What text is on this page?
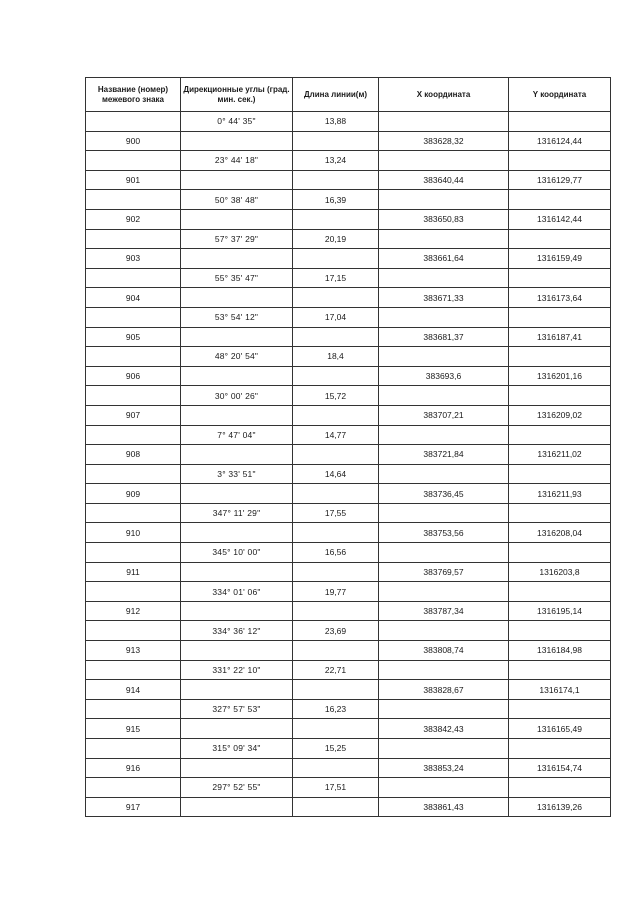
Название (номер) межевого знака	Дирекционные углы (град. мин. сек.)	Длина линии(м)	X координата	Y координата
	0° 44' 35"	13,88		
900			383628,32	1316124,44
	23° 44' 18"	13,24		
901			383640,44	1316129,77
	50° 38' 48"	16,39		
902			383650,83	1316142,44
	57° 37' 29"	20,19		
903			383661,64	1316159,49
	55° 35' 47"	17,15		
904			383671,33	1316173,64
	53° 54' 12"	17,04		
905			383681,37	1316187,41
	48° 20' 54"	18,4		
906			383693,6	1316201,16
	30° 00' 26"	15,72		
907			383707,21	1316209,02
	7° 47' 04"	14,77		
908			383721,84	1316211,02
	3° 33' 51"	14,64		
909			383736,45	1316211,93
	347° 11' 29"	17,55		
910			383753,56	1316208,04
	345° 10' 00"	16,56		
911			383769,57	1316203,8
	334° 01' 06"	19,77		
912			383787,34	1316195,14
	334° 36' 12"	23,69		
913			383808,74	1316184,98
	331° 22' 10"	22,71		
914			383828,67	1316174,1
	327° 57' 53"	16,23		
915			383842,43	1316165,49
	315° 09' 34"	15,25		
916			383853,24	1316154,74
	297° 52' 55"	17,51		
917			383861,43	1316139,26
